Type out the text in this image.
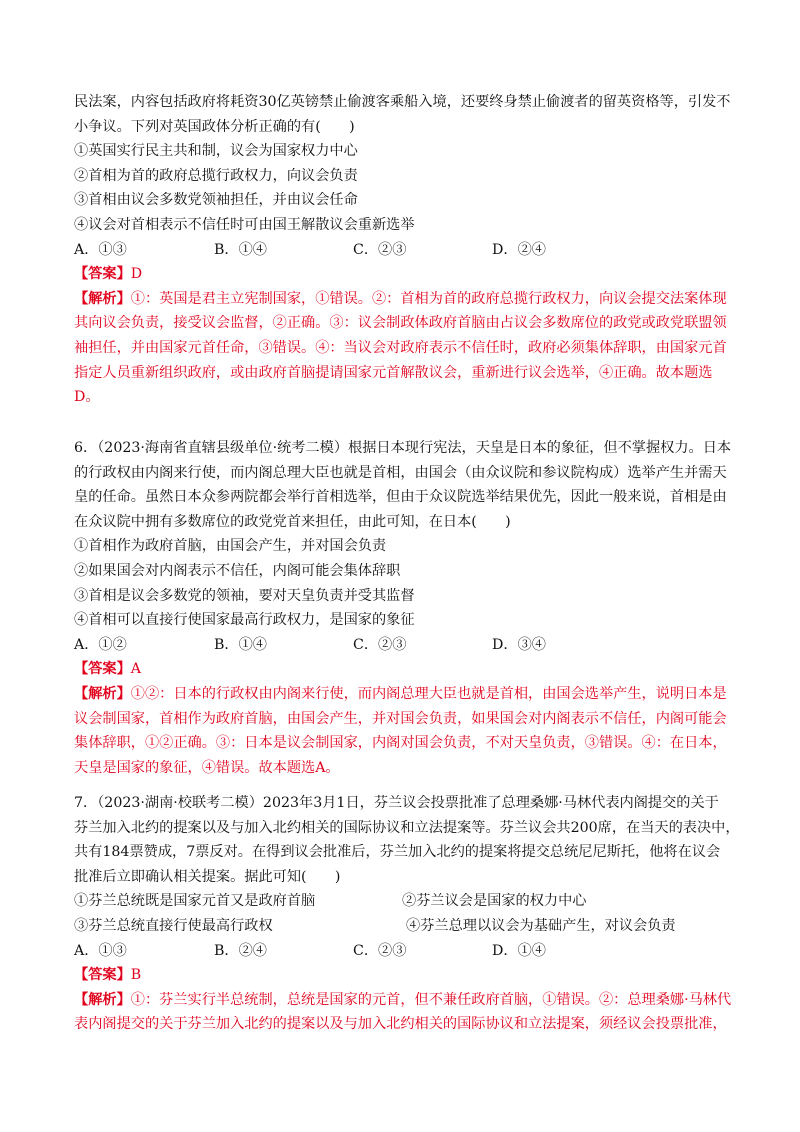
民法案，内容包括政府将耗资30亿英镑禁止偷渡客乘船入境，还要终身禁止偷渡者的留英资格等，引发不
小争议。下列对英国政体分析正确的有(　　)
①英国实行民主共和制，议会为国家权力中心
②首相为首的政府总揽行政权力，向议会负责
③首相由议会多数党领袖担任，并由议会任命
④议会对首相表示不信任时可由国王解散议会重新选举
A．①③	B．①④	C．②③	D．②④
【答案】D
【解析】①：英国是君主立宪制国家，①错误。②：首相为首的政府总揽行政权力，向议会提交法案体现
其向议会负责，接受议会监督，②正确。③：议会制政体政府首脑由占议会多数席位的政党或政党联盟领
袖担任，并由国家元首任命，③错误。④：当议会对政府表示不信任时，政府必须集体辞职，由国家元首
指定人员重新组织政府，或由政府首脑提请国家元首解散议会，重新进行议会选举，④正确。故本题选
D。
6．（2023·海南省直辖县级单位·统考二模）根据日本现行宪法，天皇是日本的象征，但不掌握权力。日本
的行政权由内阁来行使，而内阁总理大臣也就是首相，由国会（由众议院和参议院构成）选举产生并需天
皇的任命。虽然日本众参两院都会举行首相选举，但由于众议院选举结果优先，因此一般来说，首相是由
在众议院中拥有多数席位的政党党首来担任，由此可知，在日本(　　)
①首相作为政府首脑，由国会产生，并对国会负责
②如果国会对内阁表示不信任，内阁可能会集体辞职
③首相是议会多数党的领袖，要对天皇负责并受其监督
④首相可以直接行使国家最高行政权力，是国家的象征
A．①②	B．①④	C．②③	D．③④
【答案】A
【解析】①②：日本的行政权由内阁来行使，而内阁总理大臣也就是首相，由国会选举产生，说明日本是
议会制国家，首相作为政府首脑，由国会产生，并对国会负责，如果国会对内阁表示不信任，内阁可能会
集体辞职，①②正确。③：日本是议会制国家，内阁对国会负责，不对天皇负责，③错误。④：在日本，
天皇是国家的象征，④错误。故本题选A。
7．（2023·湖南·校联考二模）2023年3月1日，芬兰议会投票批准了总理桑娜·马林代表内阁提交的关于
芬兰加入北约的提案以及与加入北约相关的国际协议和立法提案等。芬兰议会共200席，在当天的表决中，
共有184票赞成，7票反对。在得到议会批准后，芬兰加入北约的提案将提交总统尼尼斯托，他将在议会
批准后立即确认相关提案。据此可知(　　)
①芬兰总统既是国家元首又是政府首脑	②芬兰议会是国家的权力中心
③芬兰总统直接行使最高行政权	④芬兰总理以议会为基础产生，对议会负责
A．①③	B．②④	C．②③	D．①④
【答案】B
【解析】①：芬兰实行半总统制，总统是国家的元首，但不兼任政府首脑，①错误。②：总理桑娜·马林代
表内阁提交的关于芬兰加入北约的提案以及与加入北约相关的国际协议和立法提案，须经议会投票批准，
